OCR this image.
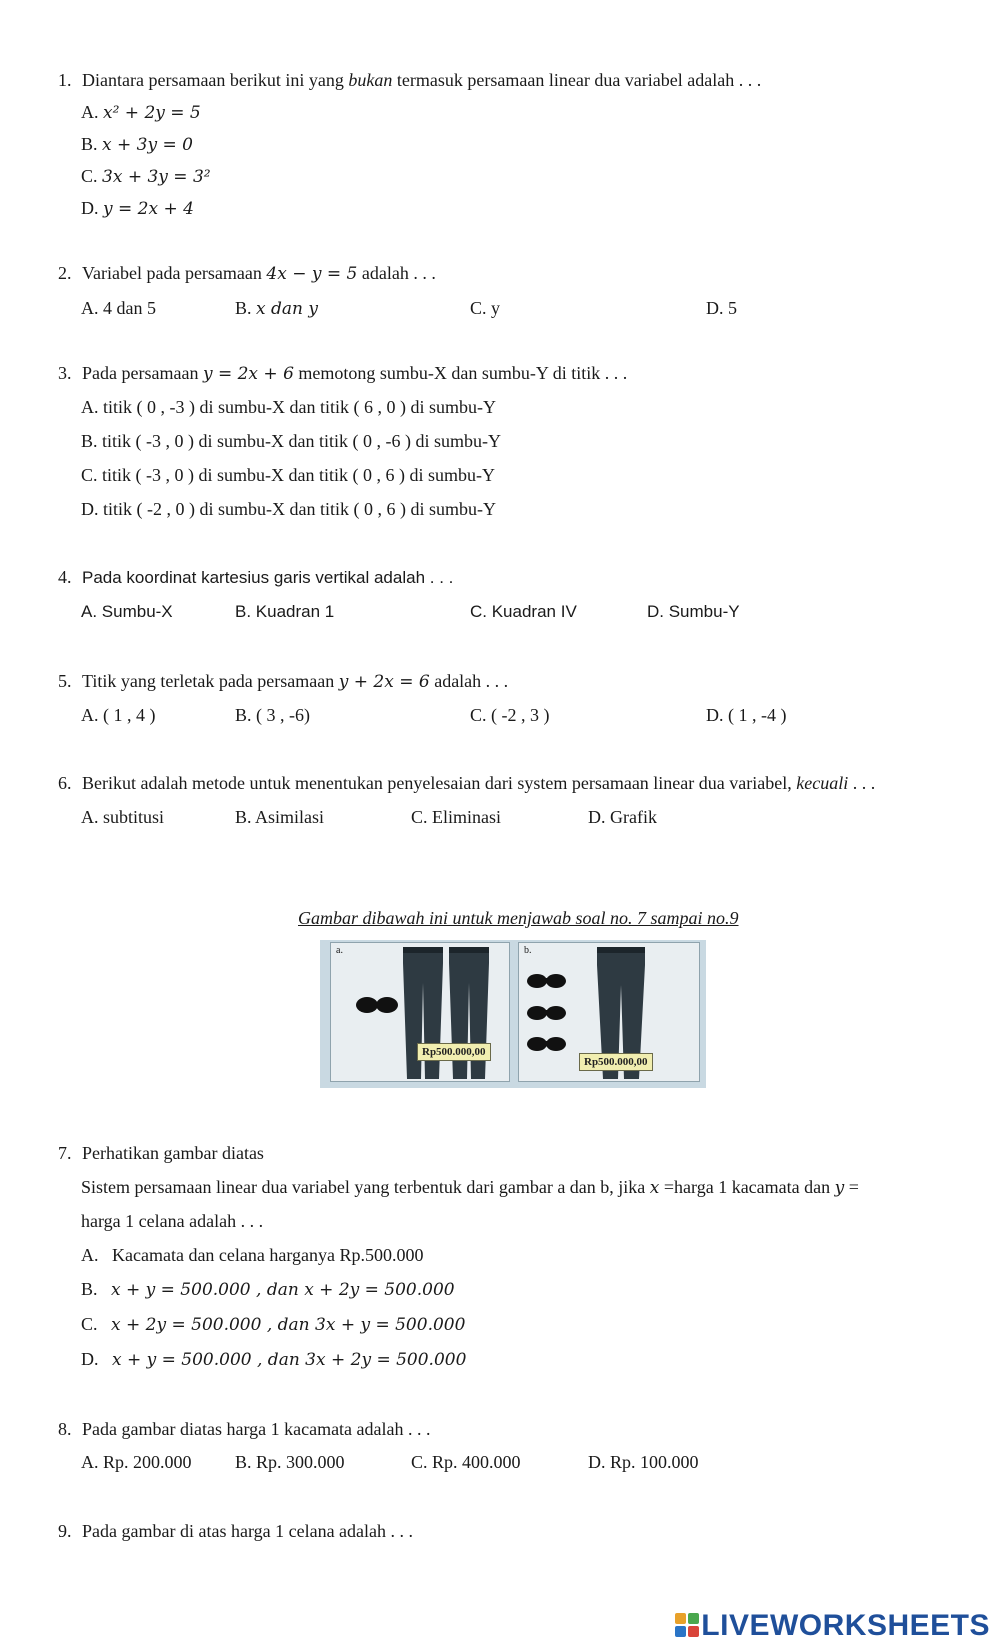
1. Diantara persamaan berikut ini yang bukan termasuk persamaan linear dua variabel adalah . . .
A. x² + 2y = 5
B. x + 3y = 0
C. 3x + 3y = 3²
D. y = 2x + 4
2. Variabel pada persamaan 4x − y = 5 adalah . . .
A. 4 dan 5	B. x dan y	C. y	D. 5
3. Pada persamaan y = 2x + 6 memotong sumbu-X dan sumbu-Y di titik . . .
A. titik ( 0 , -3 ) di sumbu-X dan titik ( 6 , 0 ) di sumbu-Y
B. titik ( -3 , 0 ) di sumbu-X dan titik ( 0 , -6 ) di sumbu-Y
C. titik ( -3 , 0 ) di sumbu-X dan titik ( 0 , 6 ) di sumbu-Y
D. titik ( -2 , 0 ) di sumbu-X dan titik ( 0 , 6 ) di sumbu-Y
4. Pada koordinat kartesius garis vertikal adalah . . .
A. Sumbu-X	B. Kuadran 1	C. Kuadran IV	D. Sumbu-Y
5. Titik yang terletak pada persamaan y + 2x = 6 adalah . . .
A. ( 1 , 4 )	B. ( 3 , -6)	C. ( -2 , 3 )	D. ( 1 , -4 )
6. Berikut adalah metode untuk menentukan penyelesaian dari system persamaan linear dua variabel, kecuali . . .
A. subtitusi	B. Asimilasi	C. Eliminasi	D. Grafik
Gambar dibawah ini untuk menjawab soal no. 7 sampai no.9
a.
Rp500.000,00
b.
Rp500.000,00
7. Perhatikan gambar diatas
Sistem persamaan linear dua variabel yang terbentuk dari gambar a dan b, jika x =harga 1 kacamata dan y =
harga 1 celana adalah . . .
A. Kacamata dan celana harganya Rp.500.000
B. x + y = 500.000 , dan x + 2y = 500.000
C. x + 2y = 500.000 , dan 3x + y = 500.000
D. x + y = 500.000 , dan 3x + 2y = 500.000
8. Pada gambar diatas harga 1 kacamata adalah . . .
A. Rp. 200.000 B. Rp. 300.000	C. Rp. 400.000	D. Rp. 100.000
9. Pada gambar di atas harga 1 celana adalah . . .
LIVEWORKSHEETS
